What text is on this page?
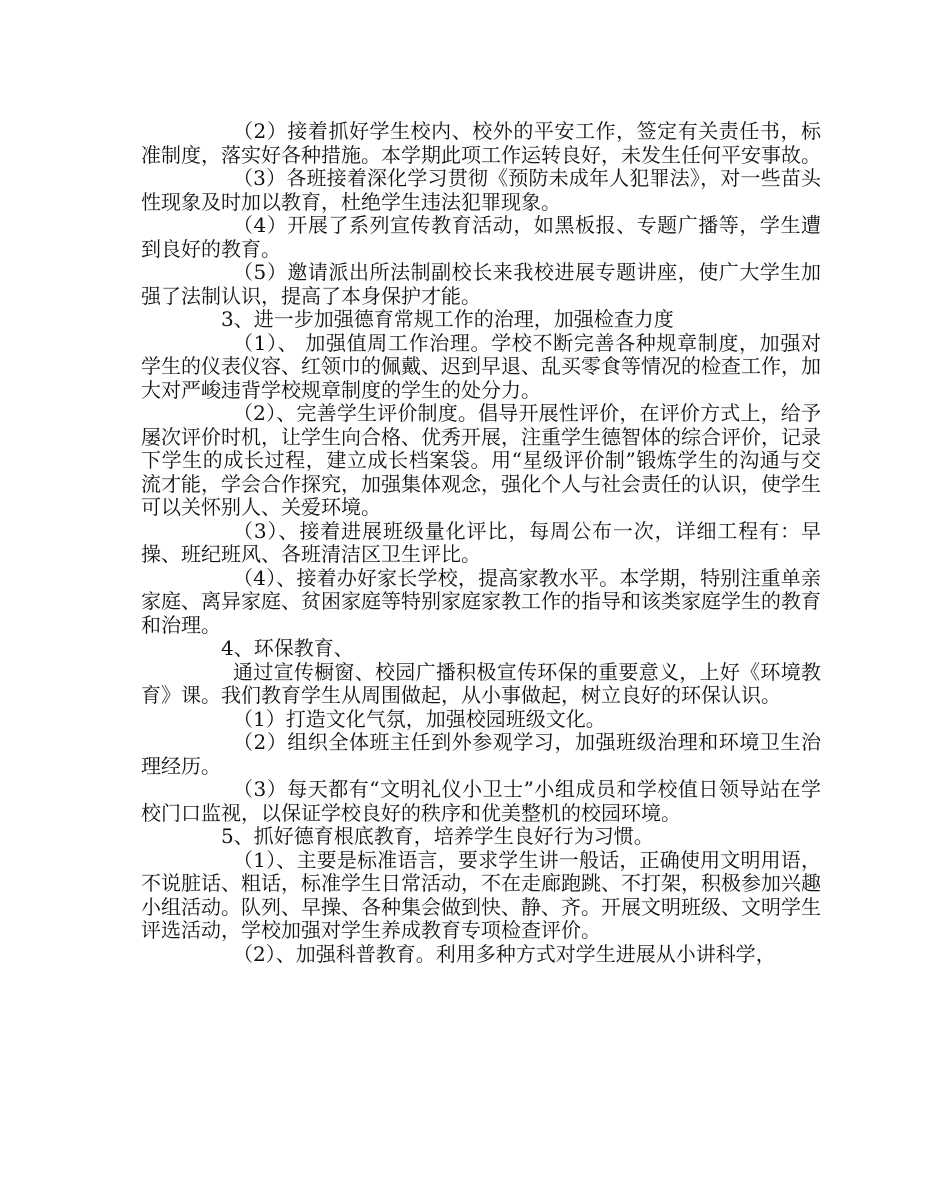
（2）接着抓好学生校内、校外的平安工作，签定有关责任书，标准制度，落实好各种措施。本学期此项工作运转良好，未发生任何平安事故。

（3）各班接着深化学习贯彻《预防未成年人犯罪法》，对一些苗头性现象及时加以教育，杜绝学生违法犯罪现象。

（4）开展了系列宣传教育活动，如黑板报、专题广播等，学生遭到良好的教育。

（5）邀请派出所法制副校长来我校进展专题讲座，使广大学生加强了法制认识，提高了本身保护才能。

3、进一步加强德育常规工作的治理，加强检查力度

（1）、 加强值周工作治理。学校不断完善各种规章制度，加强对学生的仪表仪容、红领巾的佩戴、迟到早退、乱买零食等情况的检查工作，加大对严峻违背学校规章制度的学生的处分力。

（2）、完善学生评价制度。倡导开展性评价，在评价方式上，给予屡次评价时机，让学生向合格、优秀开展，注重学生德智体的综合评价，记录下学生的成长过程，建立成长档案袋。用“星级评价制”锻炼学生的沟通与交流才能，学会合作探究，加强集体观念，强化个人与社会责任的认识，使学生可以关怀别人、关爱环境。

（3）、接着进展班级量化评比，每周公布一次，详细工程有：早操、班纪班风、各班清洁区卫生评比。

（4）、接着办好家长学校，提高家教水平。本学期，特别注重单亲家庭、离异家庭、贫困家庭等特别家庭家教工作的指导和该类家庭学生的教育和治理。

4、环保教育、

通过宣传橱窗、校园广播积极宣传环保的重要意义，上好《环境教育》课。我们教育学生从周围做起，从小事做起，树立良好的环保认识。

（1）打造文化气氛，加强校园班级文化。

（2）组织全体班主任到外参观学习，加强班级治理和环境卫生治理经历。

（3）每天都有“文明礼仪小卫士”小组成员和学校值日领导站在学校门口监视，以保证学校良好的秩序和优美整机的校园环境。

5、抓好德育根底教育，培养学生良好行为习惯。

（1）、主要是标准语言，要求学生讲一般话，正确使用文明用语，不说脏话、粗话，标准学生日常活动，不在走廊跑跳、不打架，积极参加兴趣小组活动。队列、早操、各种集会做到快、静、齐。开展文明班级、文明学生评选活动，学校加强对学生养成教育专项检查评价。

（2）、加强科普教育。利用多种方式对学生进展从小讲科学，
